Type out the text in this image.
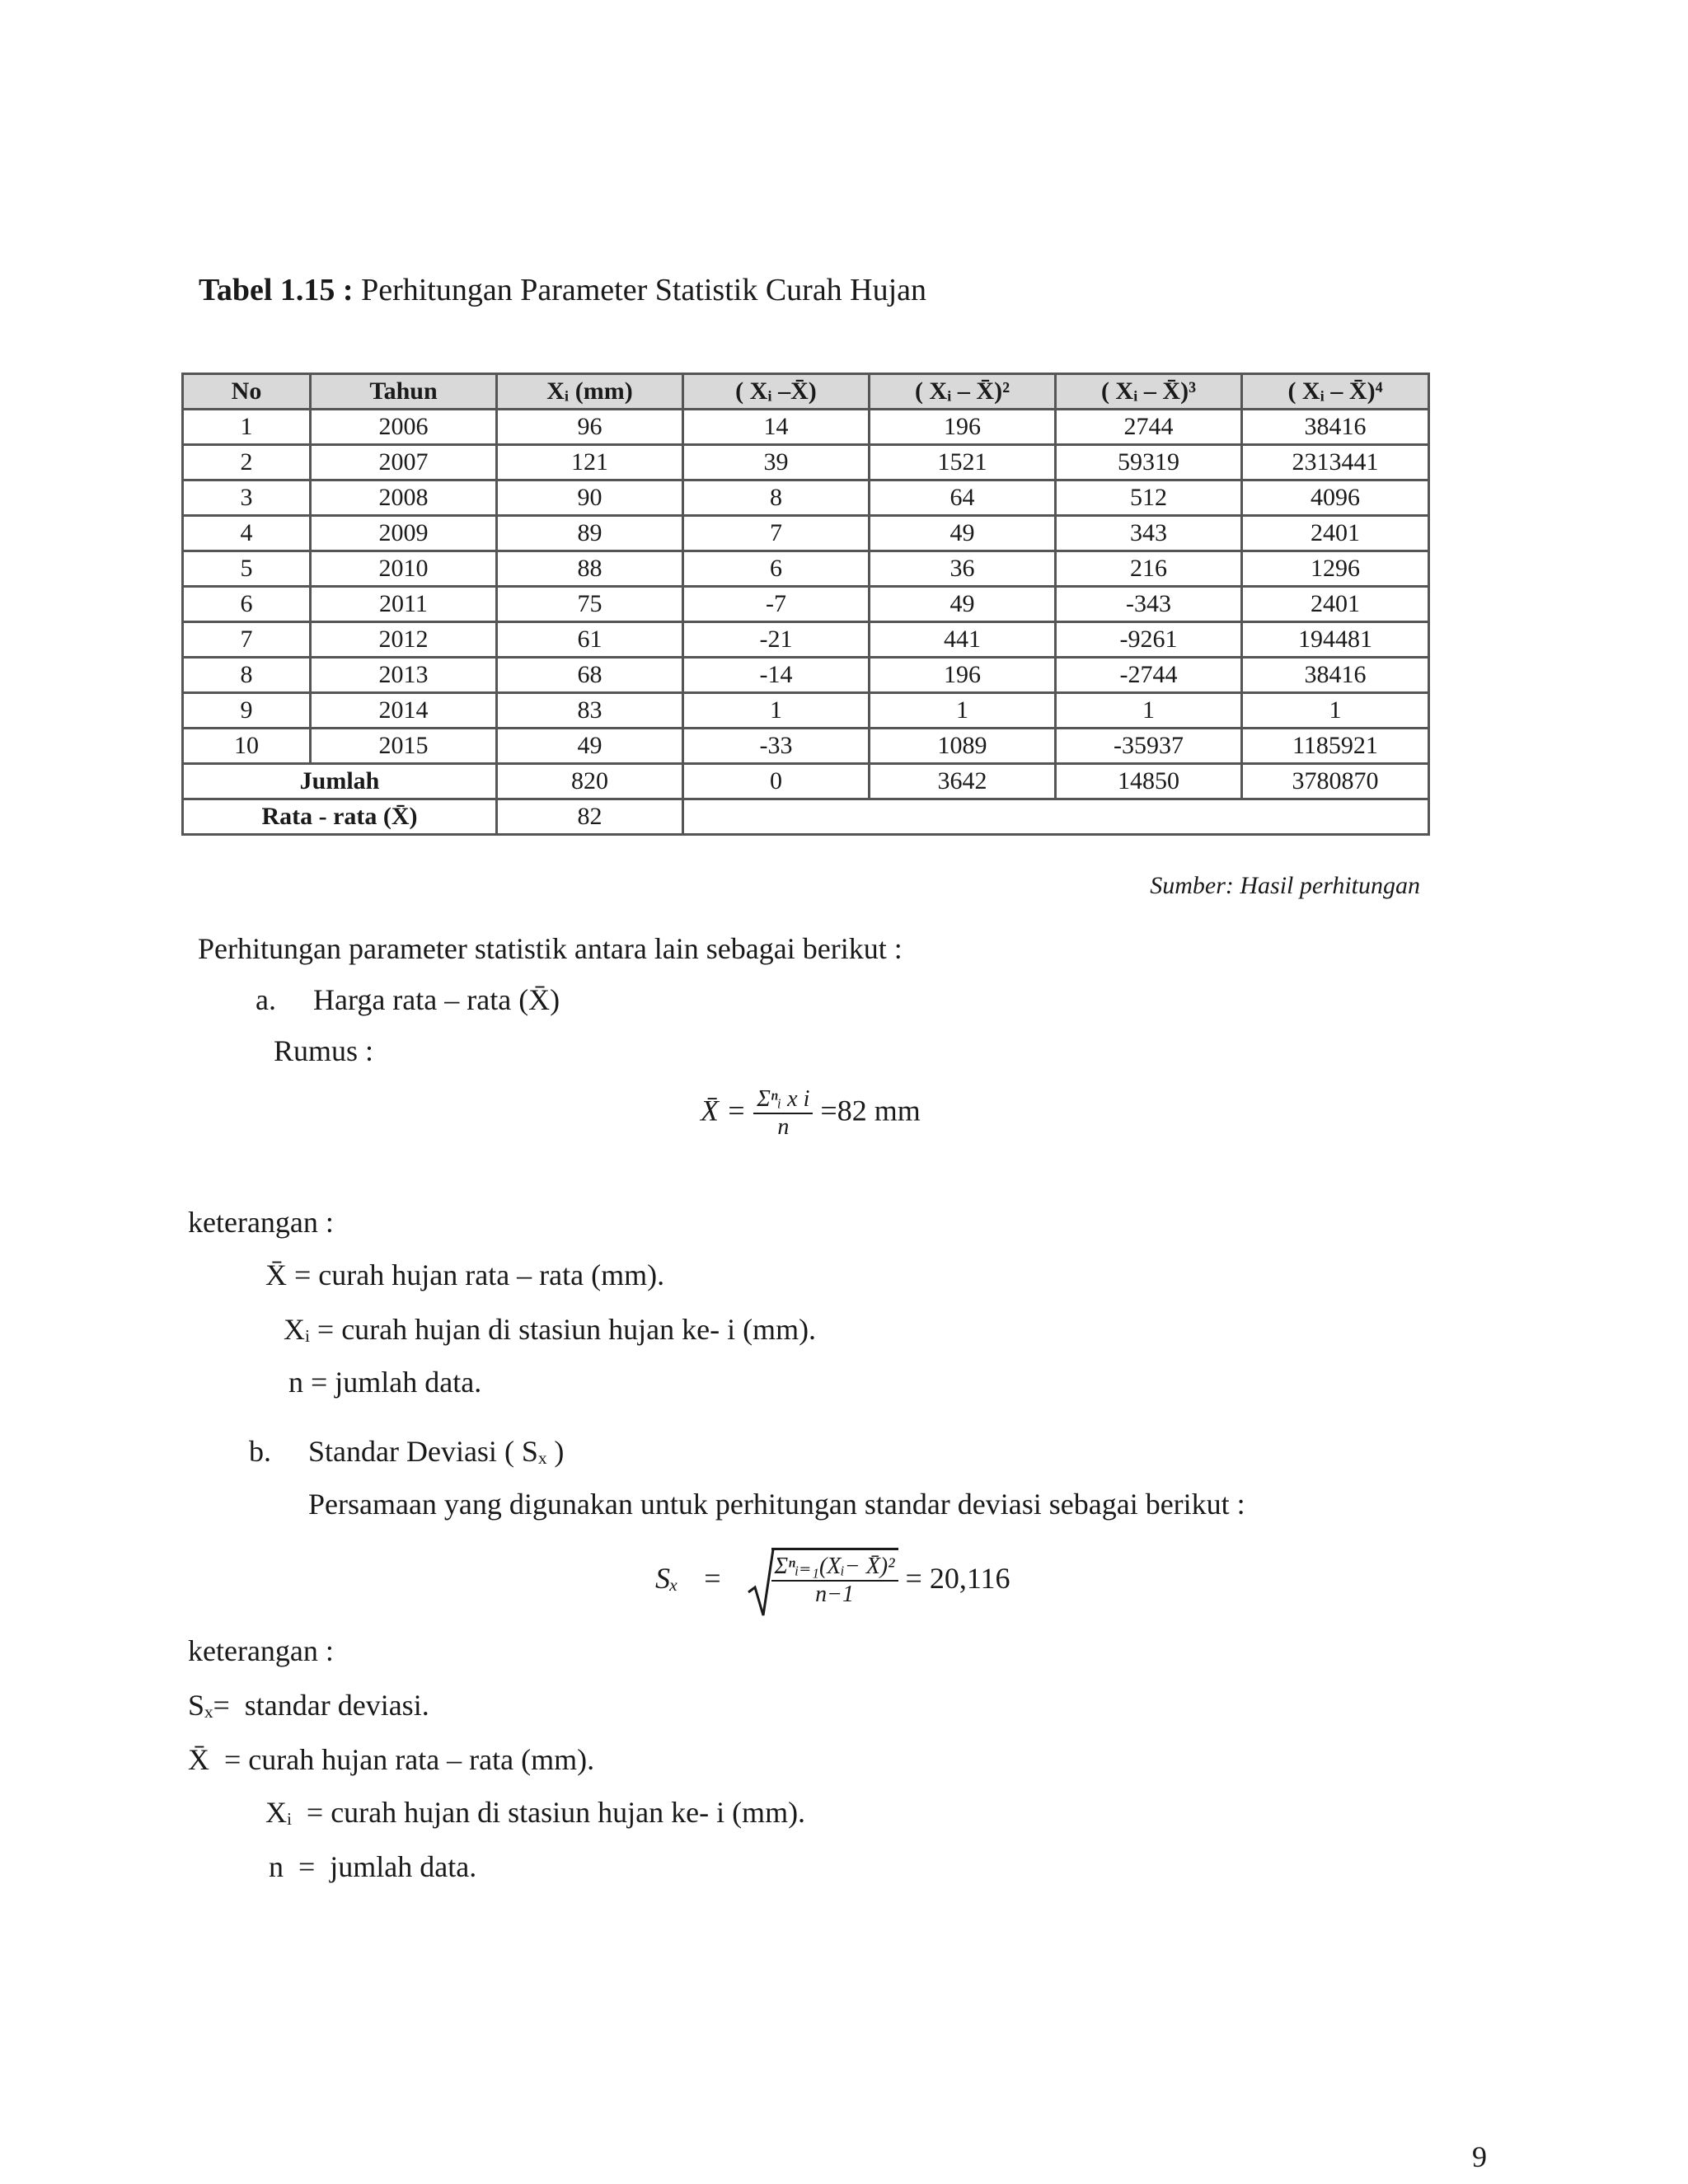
Tabel 1.15 : Perhitungan Parameter Statistik Curah Hujan
No	Tahun	Xᵢ (mm)	( Xᵢ –X̄)	( Xᵢ – X̄)²	( Xᵢ – X̄)³	( Xᵢ – X̄)⁴
1	2006	96	14	196	2744	38416
2	2007	121	39	1521	59319	2313441
3	2008	90	8	64	512	4096
4	2009	89	7	49	343	2401
5	2010	88	6	36	216	1296
6	2011	75	-7	49	-343	2401
7	2012	61	-21	441	-9261	194481
8	2013	68	-14	196	-2744	38416
9	2014	83	1	1	1	1
10	2015	49	-33	1089	-35937	1185921
Jumlah		820	0	3642	14850	3780870
Rata - rata (X̄)		82				
Sumber: Hasil perhitungan
Perhitungan parameter statistik antara lain sebagai berikut :
a. Harga rata – rata (X̄)
Rumus :
X̄ = $\frac{\text{Σⁿᵢ x i}}{n} =82$ mm
keterangan :
X̄ = curah hujan rata – rata (mm).
Xᵢ = curah hujan di stasiun hujan ke- i (mm).
n = jumlah data.
b. Standar Deviasi ( Sₓ )
Persamaan yang digunakan untuk perhitungan standar deviasi sebagai berikut :
$S_x = \frac{\text{Σⁿᵢ₌₁(Xᵢ− X̄)²}}{n-1} = 20,116$
keterangan :
Sₓ=  standar deviasi.
X̄  = curah hujan rata – rata (mm).
Xᵢ  = curah hujan di stasiun hujan ke- i (mm).
n  =  jumlah data.
9
